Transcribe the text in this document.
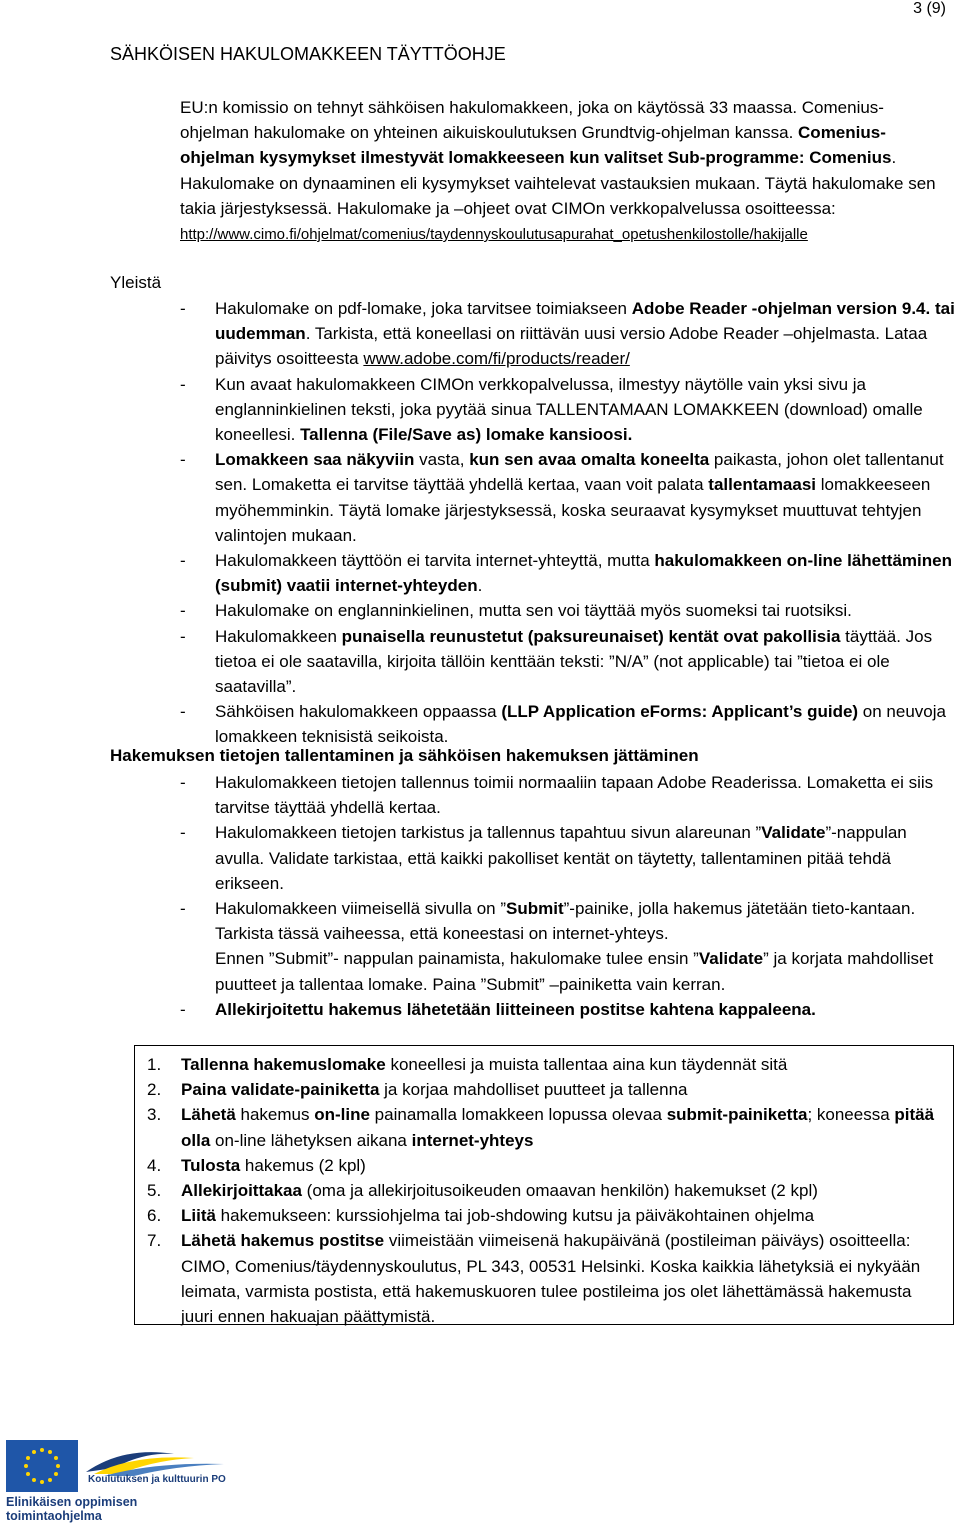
3 (9)
SÄHKÖISEN HAKULOMAKKEEN TÄYTTÖOHJE

EU:n komissio on tehnyt sähköisen hakulomakkeen, joka on käytössä 33 maassa. Comenius-ohjelman hakulomake on yhteinen aikuiskoulutuksen Grundtvig-ohjelman kanssa. Comenius-ohjelman kysymykset ilmestyvät lomakkeeseen kun valitset Sub-programme: Comenius. Hakulomake on dynaaminen eli kysymykset vaihtelevat vastauksien mukaan. Täytä hakulomake sen takia järjestyksessä. Hakulomake ja –ohjeet ovat CIMOn verkkopalvelussa osoitteessa:
http://www.cimo.fi/ohjelmat/comenius/taydennyskoulutusapurahat_opetushenkilostolle/hakijalle

Yleistä
- Hakulomake on pdf-lomake, joka tarvitsee toimiakseen Adobe Reader -ohjelman version 9.4. tai uudemman. Tarkista, että koneellasi on riittävän uusi versio Adobe Reader –ohjelmasta. Lataa päivitys osoitteesta www.adobe.com/fi/products/reader/
- Kun avaat hakulomakkeen CIMOn verkkopalvelussa, ilmestyy näytölle vain yksi sivu ja englanninkielinen teksti, joka pyytää sinua TALLENTAMAAN LOMAKKEEN (download) omalle koneellesi. Tallenna (File/Save as) lomake kansioosi.
- Lomakkeen saa näkyviin vasta, kun sen avaa omalta koneelta paikasta, johon olet tallentanut sen. Lomaketta ei tarvitse täyttää yhdellä kertaa, vaan voit palata tallentamaasi lomakkeeseen myöhemminkin. Täytä lomake järjestyksessä, koska seuraavat kysymykset muuttuvat tehtyjen valintojen mukaan.
- Hakulomakkeen täyttöön ei tarvita internet-yhteyttä, mutta hakulomakkeen on-line lähettäminen (submit) vaatii internet-yhteyden.
- Hakulomake on englanninkielinen, mutta sen voi täyttää myös suomeksi tai ruotsiksi.
- Hakulomakkeen punaisella reunustetut (paksureunaiset) kentät ovat pakollisia täyttää. Jos tietoa ei ole saatavilla, kirjoita tällöin kenttään teksti: ”N/A” (not applicable) tai ”tietoa ei ole saatavilla”.
- Sähköisen hakulomakkeen oppaassa (LLP Application eForms: Applicant’s guide) on neuvoja lomakkeen teknisistä seikoista.
Hakemuksen tietojen tallentaminen ja sähköisen hakemuksen jättäminen
- Hakulomakkeen tietojen tallennus toimii normaaliin tapaan Adobe Readerissa. Lomaketta ei siis tarvitse täyttää yhdellä kertaa.
- Hakulomakkeen tietojen tarkistus ja tallennus tapahtuu sivun alareunan ”Validate”-nappulan avulla. Validate tarkistaa, että kaikki pakolliset kentät on täytetty, tallentaminen pitää tehdä erikseen.
- Hakulomakkeen viimeisellä sivulla on ”Submit”-painike, jolla hakemus jätetään tieto-kantaan. Tarkista tässä vaiheessa, että koneestasi on internet-yhteys.
Ennen ”Submit”- nappulan painamista, hakulomake tulee ensin ”Validate” ja korjata mahdolliset puutteet ja tallentaa lomake. Paina ”Submit” –painiketta vain kerran.
- Allekirjoitettu hakemus lähetetään liitteineen postitse kahtena kappaleena.
1. Tallenna hakemuslomake koneellesi ja muista tallentaa aina kun täydennät sitä
2. Paina validate-painiketta ja korjaa mahdolliset puutteet ja tallenna
3. Lähetä hakemus on-line painamalla lomakkeen lopussa olevaa submit-painiketta; koneessa pitää olla on-line lähetyksen aikana internet-yhteys
4. Tulosta hakemus (2 kpl)
5. Allekirjoittakaa (oma ja allekirjoitusoikeuden omaavan henkilön) hakemukset (2 kpl)
6. Liitä hakemukseen: kurssiohjelma tai job-shdowing kutsu ja päiväkohtainen ohjelma
7. Lähetä hakemus postitse viimeistään viimeisenä hakupäivänä (postileiman päiväys) osoitteella: CIMO, Comenius/täydennyskoulutus, PL 343, 00531 Helsinki. Koska kaikkia lähetyksiä ei nykyään leimata, varmista postista, että hakemuskuoren tulee postileima jos olet lähettämässä hakemusta juuri ennen hakuajan päättymistä.
Koulutuksen ja kulttuurin PO
Elinikäisen oppimisen toimintaohjelma
